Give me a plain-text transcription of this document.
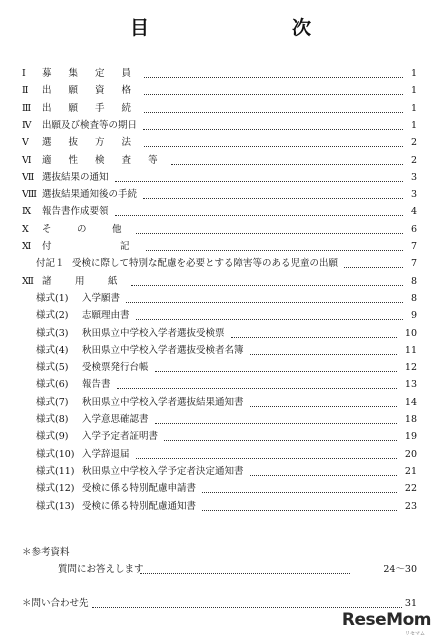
目　次
Ⅰ 募 集 定 員	1
Ⅱ 出 願 資 格	1
Ⅲ 出 願 手 続	1
Ⅳ 出願及び検査等の期日	1
Ⅴ 選 抜 方 法	2
Ⅵ 適 性 検 査 等	2
Ⅶ 選抜結果の通知	3
Ⅷ 選抜結果通知後の手続	3
Ⅸ 報告書作成要領	4
Ⅹ そ　の　他	6
Ⅺ 付　　　記	7
付記１ 受検に際して特別な配慮を必要とする障害等のある児童の出願	7
Ⅻ 諸　用　紙	8
様式(1) 入学願書	8
様式(2) 志願理由書	9
様式(3) 秋田県立中学校入学者選抜受検票	10
様式(4) 秋田県立中学校入学者選抜受検者名簿	11
様式(5) 受検票発行台帳	12
様式(6) 報告書	13
様式(7) 秋田県立中学校入学者選抜結果通知書	14
様式(8) 入学意思確認書	18
様式(9) 入学予定者証明書	19
様式(10) 入学辞退届	20
様式(11) 秋田県立中学校入学予定者決定通知書	21
様式(12) 受検に係る特別配慮申請書	22
様式(13) 受検に係る特別配慮通知書	23
＊参考資料
質問にお答えします	24～30
＊問い合わせ先	31
ReseMom
リセマム
